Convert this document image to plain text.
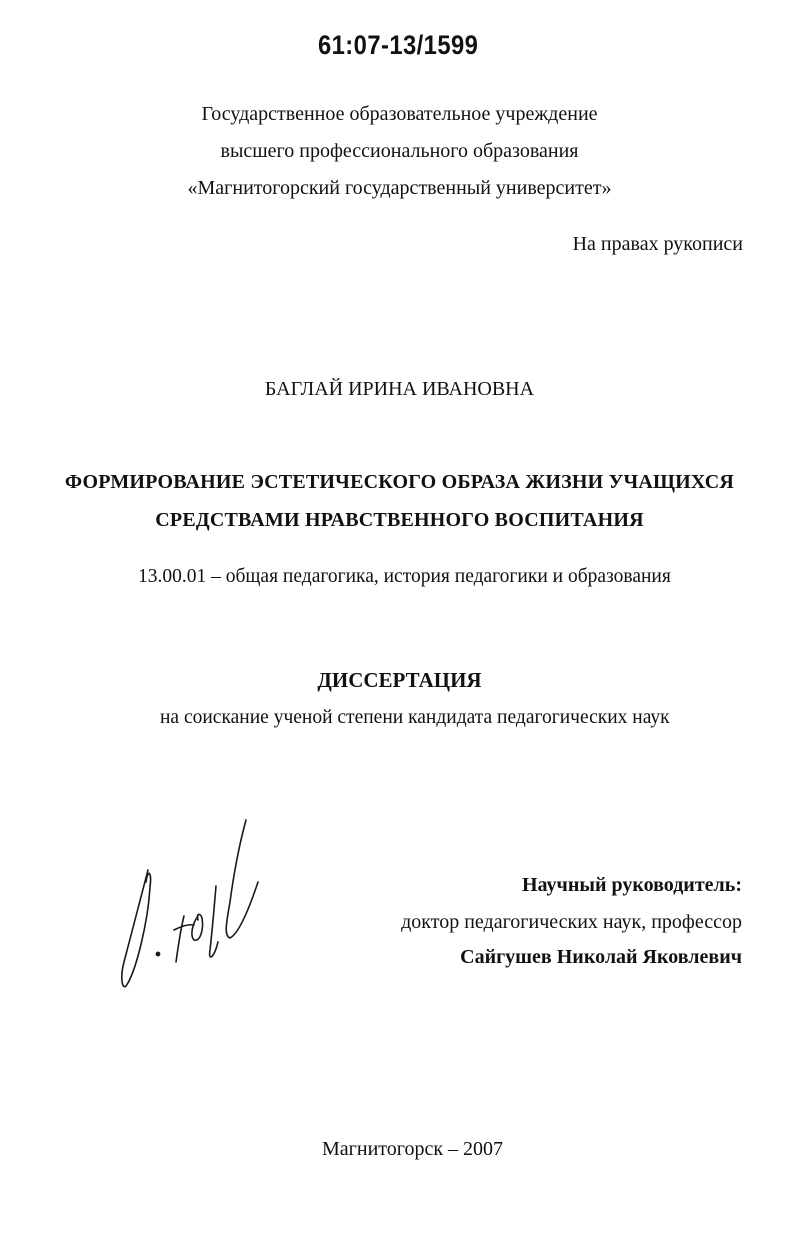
61:07-13/1599
Государственное образовательное учреждение
высшего профессионального образования
«Магнитогорский государственный университет»
На правах рукописи
БАГЛАЙ ИРИНА ИВАНОВНА
ФОРМИРОВАНИЕ ЭСТЕТИЧЕСКОГО ОБРАЗА ЖИЗНИ УЧАЩИХСЯ
СРЕДСТВАМИ НРАВСТВЕННОГО ВОСПИТАНИЯ
13.00.01 – общая педагогика, история педагогики и образования
ДИССЕРТАЦИЯ
на соискание ученой степени кандидата педагогических наук
Научный руководитель:
доктор педагогических наук, профессор
Сайгушев Николай Яковлевич
Магнитогорск – 2007
